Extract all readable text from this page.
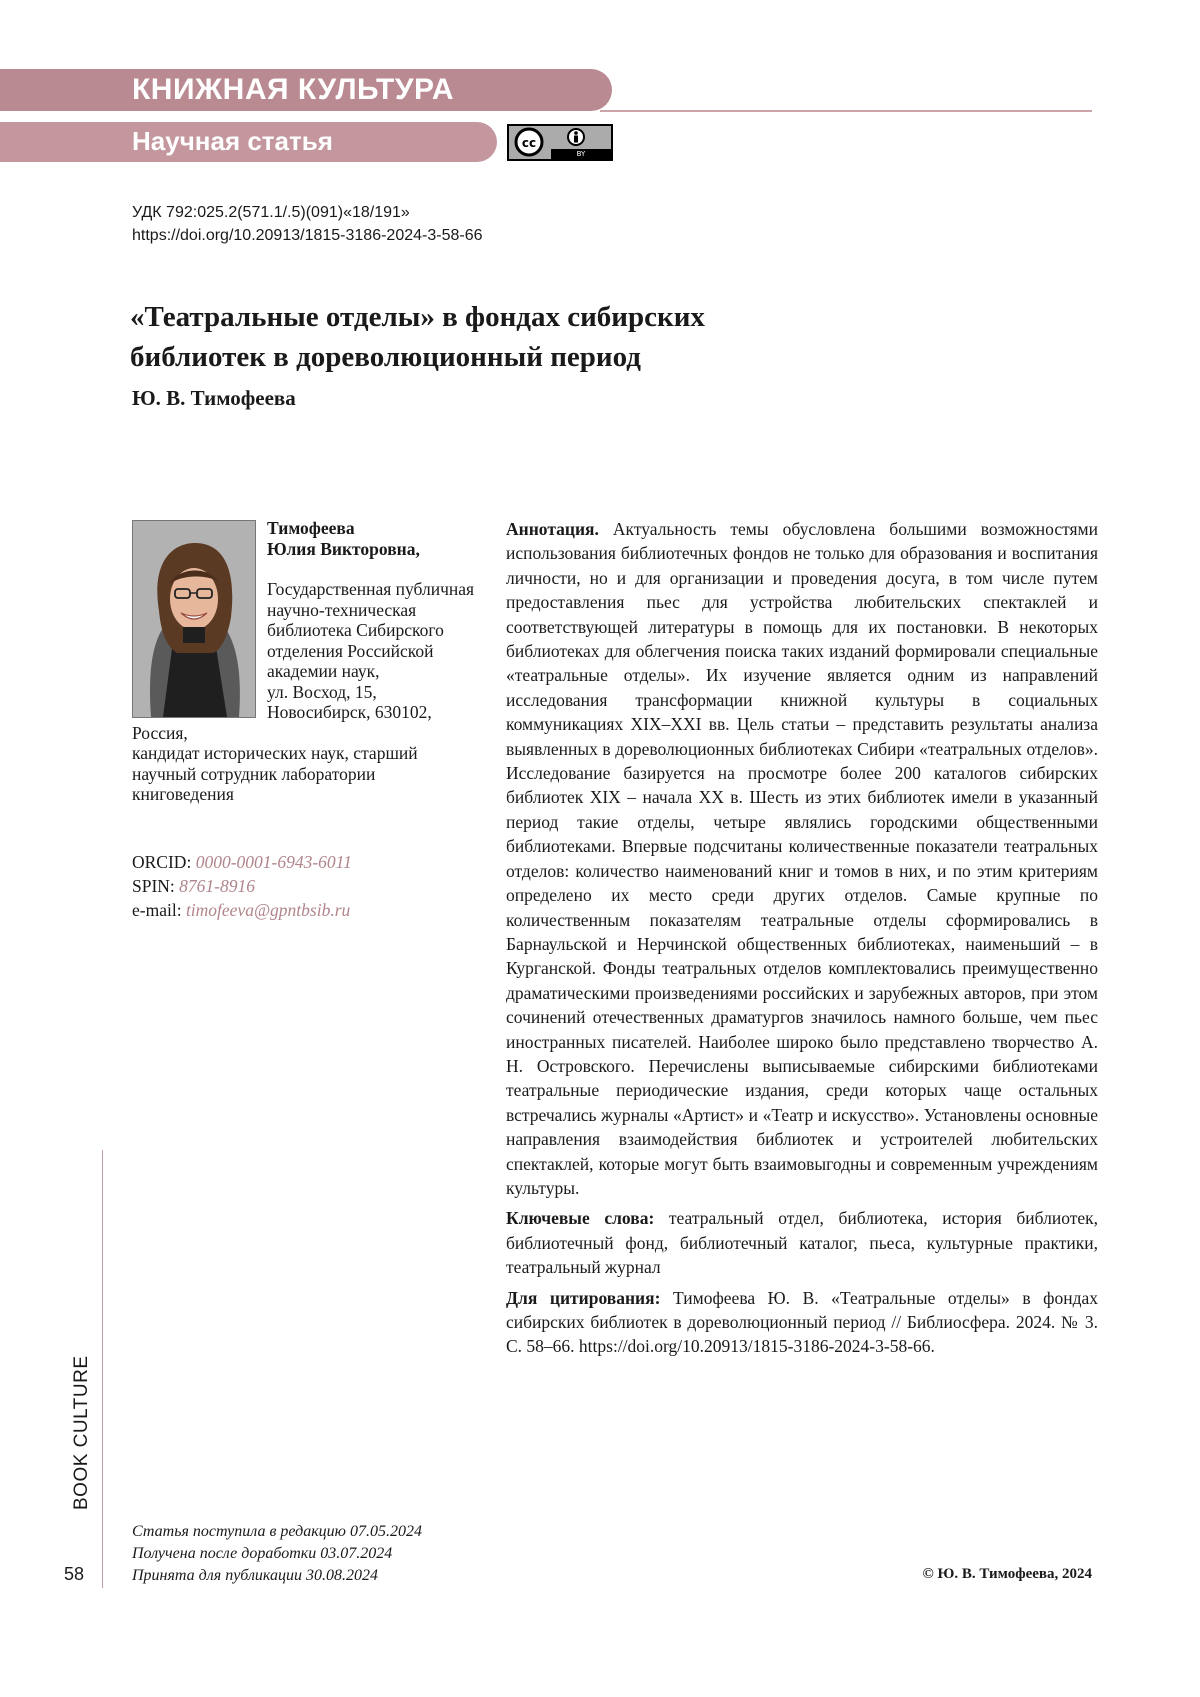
КНИЖНАЯ КУЛЬТУРА
Научная статья	cc
BY
УДК 792:025.2(571.1/.5)(091)«18/191»
https://doi.org/10.20913/1815-3186-2024-3-58-66
«Театральные отделы» в фондах сибирских библиотек в дореволюционный период
Ю. В. Тимофеева

Тимофеева

Юлия Викторовна,

Государственная публичная научно-техническая библиотека Сибирского отделения Российской академии наук,

ул. Восход, 15, Новосибирск, 630102, Россия,

кандидат исторических наук, старший научный сотрудник лаборатории книговедения

ORCID: 0000-0001-6943-6011
SPIN: 8761-8916
e-mail: timofeeva@gpntbsib.ru

Аннотация. Актуальность темы обусловлена большими возможностями использования библиотечных фондов не только для образования и воспитания личности, но и для организации и проведения досуга, в том числе путем предоставления пьес для устройства любительских спектаклей и соответствующей литературы в помощь для их постановки. В некоторых библиотеках для облегчения поиска таких изданий формировали специальные «театральные отделы». Их изучение является одним из направлений исследования трансформации книжной культуры в социальных коммуникациях XIX–XXI вв. Цель статьи – представить результаты анализа выявленных в дореволюционных библиотеках Сибири «театральных отделов». Исследование базируется на просмотре более 200 каталогов сибирских библиотек XIX – начала XX в. Шесть из этих библиотек имели в указанный период такие отделы, четыре являлись городскими общественными библиотеками. Впервые подсчитаны количественные показатели театральных отделов: количество наименований книг и томов в них, и по этим критериям определено их место среди других отделов. Самые крупные по количественным показателям театральные отделы сформировались в Барнаульской и Нерчинской общественных библиотеках, наименьший – в Курганской. Фонды театральных отделов комплектовались преимущественно драматическими произведениями российских и зарубежных авторов, при этом сочинений отечественных драматургов значилось намного больше, чем пьес иностранных писателей. Наиболее широко было представлено творчество А. Н. Островского. Перечислены выписываемые сибирскими библиотеками театральные периодические издания, среди которых чаще остальных встречались журналы «Артист» и «Театр и искусство». Установлены основные направления взаимодействия библиотек и устроителей любительских спектаклей, которые могут быть взаимовыгодны и современным учреждениям культуры.

Ключевые слова: театральный отдел, библиотека, история библиотек, библиотечный фонд, библиотечный каталог, пьеса, культурные практики, театральный журнал

Для цитирования: Тимофеева Ю. В. «Театральные отделы» в фондах сибирских библиотек в дореволюционный период // Библиосфера. 2024. № 3. С. 58–66. https://doi.org/10.20913/1815-3186-2024-3-58-66.

BOOK CULTURE
58
Статья поступила в редакцию 07.05.2024
Получена после доработки 03.07.2024
Принята для публикации 30.08.2024	© Ю. В. Тимофеева, 2024
